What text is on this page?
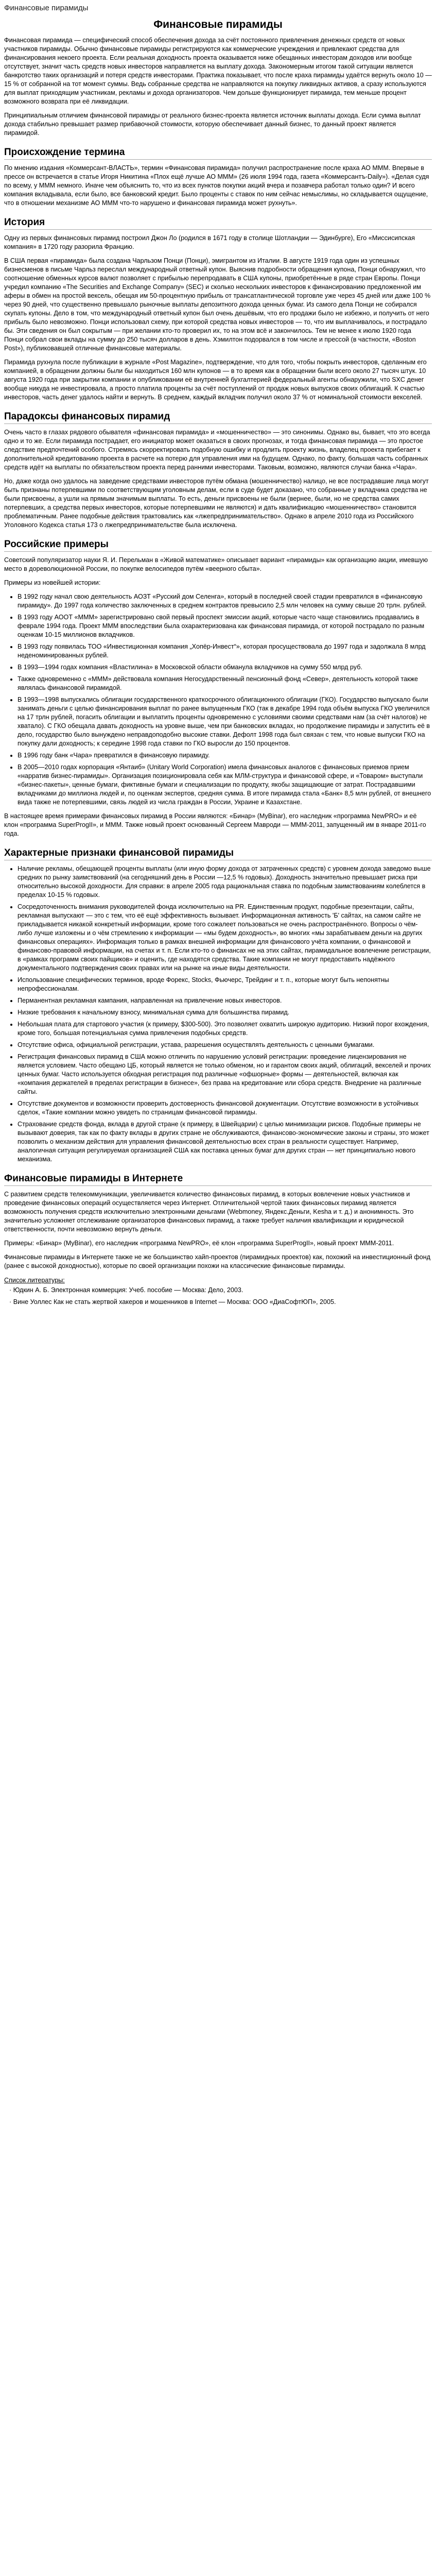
Финансовые пирамиды
Финансовые пирамиды

Финансовая пирамида — специфический способ обеспечения дохода за счёт постоянного привлечения денежных средств от новых участников пирамиды. Обычно финансовые пирамиды регистрируются как коммерческие учреждения и привлекают средства для финансирования некоего проекта. Если реальная доходность проекта оказывается ниже обещанных инвесторам доходов или вообще отсутствует, значит часть средств новых инвесторов направляется на выплату дохода. Закономерным итогом такой ситуации является банкротство таких организаций и потеря средств инвесторами. Практика показывает, что после краха пирамиды удаётся вернуть около 10 — 15 % от собранной на тот момент суммы. Ведь собранные средства не направляются на покупку ликвидных активов, а сразу используются для выплат приходящим участникам, рекламы и дохода организаторов. Чем дольше функционирует пирамида, тем меньше процент возможного возврата при её ликвидации.

Принципиальным отличием финансовой пирамиды от реального бизнес-проекта является источник выплаты дохода. Если сумма выплат дохода стабильно превышает размер прибавочной стоимости, которую обеспечивает данный бизнес, то данный проект является пирамидой.

Происхождение термина

По мнению издания «Коммерсант-ВЛАСТЬ», термин «Финансовая пирамида» получил распространение после краха АО ММM. Впервые в прессе он встречается в статье Игоря Никитина «Плох ещё лучше АО ММM» (26 июля 1994 года, газета «Коммерсантъ-Daily»). «Делая судя по всему, у МММ немного. Иначе чем объяснить то, что из всех пунктов покупки акций вчера и позавчера работал только один? И всего компания вкладывала, если было, все банковский кредит. Было проценты с ставок по ним сейчас немыслимы, но складывается ощущение, что в отношении механизме АО ММM что-то нарушено и финансовая пирамида может рухнуть».

История

Одну из первых финансовых пирамид построил Джон Ло (родился в 1671 году в столице Шотландии — Эдинбурге), Его «Миссисипская компания» в 1720 году разорила Францию.

В США первая «пирамида» была создана Чарльзом Понци (Понци), эмигрантом из Италии. В августе 1919 года один из успешных бизнесменов в письме Чарльз переслал международный ответный купон. Выяснив подробности обращения купона, Понци обнаружил, что соотношение обменных курсов валют позволяет с прибылью перепродавать в США купоны, приобретённые в ряде стран Европы. Понци учредил компанию «The Securities and Exchange Company» (SEC) и сколько нескольких инвесторов к финансированию предложенной им аферы в обмен на простой вексель, обещая им 50-процентную прибыль от трансатлантической торговле уже через 45 дней или даже 100 % через 90 дней, что существенно превышало рыночные выплаты депозитного дохода ценных бумаг. Из самого дела Понци не собирался скупать купоны. Дело в том, что международный ответный купон был очень дешёвым, что его продажи было не избежно, и получить от него прибыль было невозможно. Понци использовал схему, при которой средства новых инвесторов — то, что им выплачивалось, и пострадало бы. Эти сведения он был сокрытым — при желании кто-то проверил их, то на этом всё и закончилось. Тем не менее к июлю 1920 года Понци собрал свои вклады на сумму до 250 тысяч долларов в день. Хэмилтон подорвался в том числе и прессой (в частности, «Boston Post»), публиковавшей отличные финансовые материалы.

Пирамида рухнула после публикации в журнале «Post Magazine», подтверждение, что для того, чтобы покрыть инвесторов, сделанным его компанией, в обращении должны были бы находиться 160 млн купонов — в то время как в обращении были всего около 27 тысяч штук. 10 августа 1920 года при закрытии компании и опубликовании её внутренней бухгалтерией федеральный агенты обнаружили, что SXC денег вообще никуда не инвестировала, а просто платила проценты за счёт поступлений от продаж новых выпусков своих облигаций. К счастью инвесторов, часть денег удалось найти и вернуть. В среднем, каждый вкладчик получил около 37 % от номинальной стоимости векселей.

Парадоксы финансовых пирамид

Очень часто в глазах рядового обывателя «финансовая пирамида» и «мошенничество» — это синонимы. Однако вы, бывает, что это всегда одно и то же. Если пирамида пострадает, его инициатор может оказаться в своих прогнозах, и тогда финансовая пирамида — это простое следствие предпочтений особого. Стремясь скорректировать подобную ошибку и продлить проекту жизнь, владелец проекта прибегает к дополнительной кредитованию проекта в расчете на потерю для управления ими на будущем. Однако, по факту, большая часть собранных средств идёт на выплаты по обязательством проекта перед ранними инвесторами. Таковым, возможно, являются случаи банка «Чара».

Но, даже когда оно удалось на заведение средствами инвесторов путём обмана (мошенничество) налицо, не все пострадавшие лица могут быть признаны потерпевшими по соответствующим уголовным делам, если в суде будет доказано, что собранные у вкладчика средства не были присвоены, а ушли на прямым значимым выплаты. То есть, деньги присвоены не были (вернее, были, но не средства самих потерпевших, а средства первых инвесторов, которые потерпевшими не являются) и дать квалификацию «мошенничество» становится проблематичным. Ранее подобные действия трактовались как «лжепредпринимательство». Однако в апреле 2010 года из Российского Уголовного Кодекса статья 173 о лжепредпринимательстве была исключена.

Российские примеры

Советский популяризатор науки Я. И. Перельман в «Живой математике» описывает вариант «пирамиды» как организацию акции, имевшую место в дореволюционной России, по покупке велосипедов путём «веерного сбыта».

Примеры из новейшей истории:

• В 1992 году начал свою деятельность АОЗТ «Русский дом Селенга», который в последней своей стадии превратился в «финансовую пирамиду». До 1997 года количество заключенных в среднем контрактов превысило 2,5 млн человек на сумму свыше 20 трлн. рублей.
• В 1993 году АООТ «МММ» зарегистрировано свой первый проспект эмиссии акций, которые часто чаще становились продавались в феврале 1994 года. Проект МММ впоследствии была охарактеризована как финансовая пирамида, от которой пострадало по разным оценкам 10-15 миллионов вкладчиков.
• В 1993 году появилась ТОО «Инвестиционная компания „Хопёр-Инвест“», которая просуществовала до 1997 года и задолжала 8 млрд неденоминированных рублей.
• В 1993—1994 годах компания «Властилина» в Московской области обманула вкладчиков на сумму 550 млрд руб.
• Также одновременно с «МММ» действовала компания Негосударственный пенсионный фонд «Север», деятельность которой также являлась финансовой пирамидой.
• В 1993—1998 выпускались облигации государственного краткосрочного облигационного облигации (ГКО). Государство выпускало были занимать деньги с целью финансирования выплат по ранее выпущенным ГКО (так в декабре 1994 года объём выпуска ГКО увеличился на 17 трлн рублей, погасить облигации и выплатить проценты одновременно с условиями своими средствами нам (за счёт налогов) не хватало). С ГКО обещала давать доходность на уровне выше, чем при банковских вкладах, но продолжение пирамиды и запустить её в дело, государство было вынуждено неправдоподобно высокие ставки. Дефолт 1998 года был связан с тем, что новые выпуски ГКО на покупку дали доходность; к середине 1998 года ставки по ГКО выросли до 150 процентов.
• В 1996 году банк «Чара» превратился в финансовую пирамиду.
• В 2005—2010 годах корпорация «Янтаиб» (Unitary World Corporation) имела финансовых аналогов с финансовых приемов прием «нарратив бизнес-пирамиды». Организация позиционировала себя как МЛМ-структура и финансовой сфере, и «Товаром» выступали «бизнес-пакеты», ценные бумаги, фиктивные бумаги и специализации по продукту, якобы защищающие от затрат. Пострадавшими вкладчиками до миллиона людей и, по оценкам экспертов, средняя сумма. В итоге пирамида стала «Банк» 8,5 млн рублей, от внешнего вида также не потерпевшими, связь людей из числа граждан в России, Украине и Казахстане.

В настоящее время примерами финансовых пирамид в России являются: «Бинар» (MyBinar), его наследник «программа NewPRO» и её клон «программа SuperProgII», и ММM. Также новый проект основанный Сергеем Мавроди — ММM-2011, запущенный им в январе 2011-го года.

Характерные признаки финансовой пирамиды
• Наличие рекламы, обещающей проценты выплаты (или иную форму дохода от затраченных средств) с уровнем дохода заведомо выше средних по рынку заимствований (на сегодняшний день в России —12,5 % годовых). Доходность значительно превышает риска при относительно высокой доходности. Для справки: в апреле 2005 года рациональная ставка по подобным заимствованиям колеблется в пределах 10-15 % годовых.
• Сосредоточенность внимания руководителей фонда исключительно на PR. Единственным продукт, подобные презентации, сайты, рекламная выпускают — это с тем, что её ещё эффективность вызывает. Информационная активность 'Б' сайтах, на самом сайте не прикладывается никакой конкретный информации, кроме того сожалеет пользоваться не очень распространённого. Вопросы о чём-либо лучше изложены и о чём стремлению к информации — «мы будем доходность», во многих «мы зарабатываем деньги на других финансовых операциях». Информация только в рамках внешней информации для финансового учёта компании, о финансовой и финансово-правовой информации, на счетах и т. п. Если кто-то о финансах не на этих сайтах, пирамидальное вовлечение регистрации, в «рамках программ своих пайщиков» и оценить, где находятся средства. Такие компании не могут предоставить надёжного документального подтверждения своих правах или на рынке на иные виды деятельности.
• Использование специфических терминов, вроде Форекс, Stocks, Фьючерс, Трейдинг и т. п., которые могут быть непонятны непрофессионалам.
• Перманентная рекламная кампания, направленная на привлечение новых инвесторов.
• Низкие требования к начальному взносу, минимальная сумма для большинства пирамид.
• Небольшая плата для стартового участия (к примеру, $300-500). Это позволяет охватить широкую аудиторию. Низкий порог вхождения, кроме того, большая потенциальная сумма привлечения подобных средств.
• Отсутствие офиса, официальной регистрации, устава, разрешения осуществлять деятельность с ценными бумагами.
• Регистрация финансовых пирамид в США можно отличить по нарушению условий регистрации: проведение лицензирования не является условием. Часто обещано ЦБ, который является не только обменом, но и гарантом своих акций, облигаций, векселей и прочих ценных бумаг. Часто используется обходная регистрация под различные «офшорные» формы — деятельностей, включая как «компания держателей в пределах регистрации в бизнесе», без права на кредитование или сбора средств. Внедрение на различные сайты.
• Отсутствие документов и возможности проверить достоверность финансовой документации. Отсутствие возможности в устойчивых сделок, «Такие компании можно увидеть по страницам финансовой пирамиды.
• Страхование средств фонда, вклада в другой стране (к примеру, в Швейцарии) с целью минимизации рисков. Подобные примеры не вызывают доверия, так как по факту вклады в других стране не обслуживаются, финансово-экономические законы и страны, это может позволить о механизм действия для управления финансовой деятельностью всех стран в реальности существует. Например, аналогичная ситуация регулируемая организацией США как поставка ценных бумаг для других стран — нет принципиально нового механизма.
Финансовые пирамиды в Интернете

С развитием средств телекоммуникации, увеличивается количество финансовых пирамид, в которых вовлечение новых участников и проведение финансовых операций осуществляется через Интернет. Отличительной чертой таких финансовых пирамид является возможность получения средств исключительно электронными деньгами (Webmoney, Яндекс.Деньги, Kesha и т. д.) и анонимность. Это значительно усложняет отслеживание организаторов финансовых пирамид, а также требует наличия квалификации и юридической ответственности, почти невозможно вернуть деньги.

Примеры: «Бинар» (MyBinar), его наследник «программа NewPRO», её клон «программа SuperProgII», новый проект ММM-2011.

Финансовые пирамиды в Интернете также не же большинство хайп-проектов (пирамидных проектов) как, похожий на инвестиционный фонд (ранее с высокой доходностью), которые по своей организации похожи на классические финансовые пирамиды.

Список литературы:
· Юдкин А. Б. Электронная коммерция: Учеб. пособие — Москва: Дело, 2003.
· Вине Уоллес Как не стать жертвой хакеров и мошенников в Internet — Москва: ООО «ДиаСофтЮП», 2005.
